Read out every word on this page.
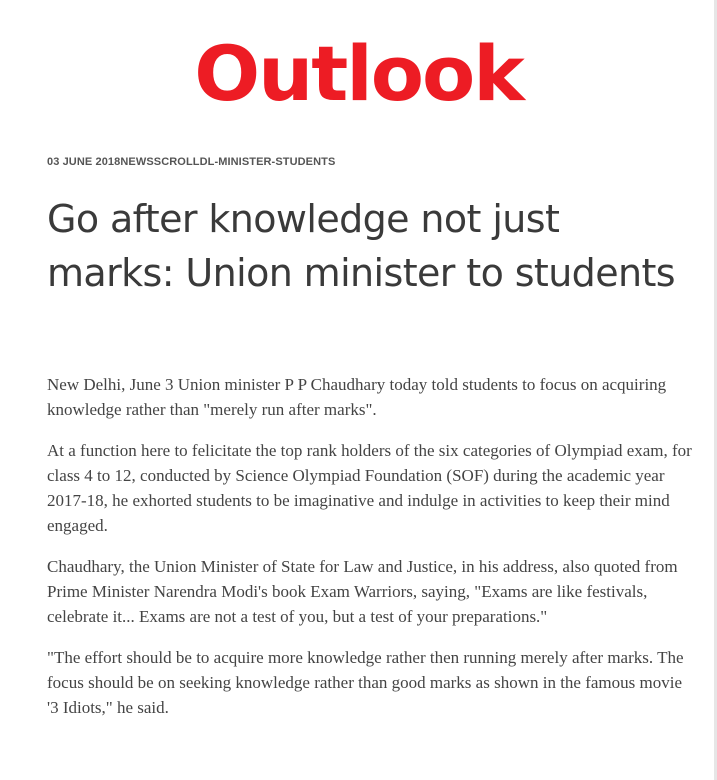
Outlook
03 JUNE 2018NEWSSCROLLDL-MINISTER-STUDENTS
Go after knowledge not just marks: Union minister to students

New Delhi, June 3 Union minister P P Chaudhary today told students to focus on acquiring knowledge rather than "merely run after marks".

At a function here to felicitate the top rank holders of the six categories of Olympiad exam, for class 4 to 12, conducted by Science Olympiad Foundation (SOF) during the academic year 2017-18, he exhorted students to be imaginative and indulge in activities to keep their mind engaged.

Chaudhary, the Union Minister of State for Law and Justice, in his address, also quoted from Prime Minister Narendra Modi's book Exam Warriors, saying, "Exams are like festivals, celebrate it... Exams are not a test of you, but a test of your preparations."

"The effort should be to acquire more knowledge rather then running merely after marks. The focus should be on seeking knowledge rather than good marks as shown in the famous movie '3 Idiots," he said.
